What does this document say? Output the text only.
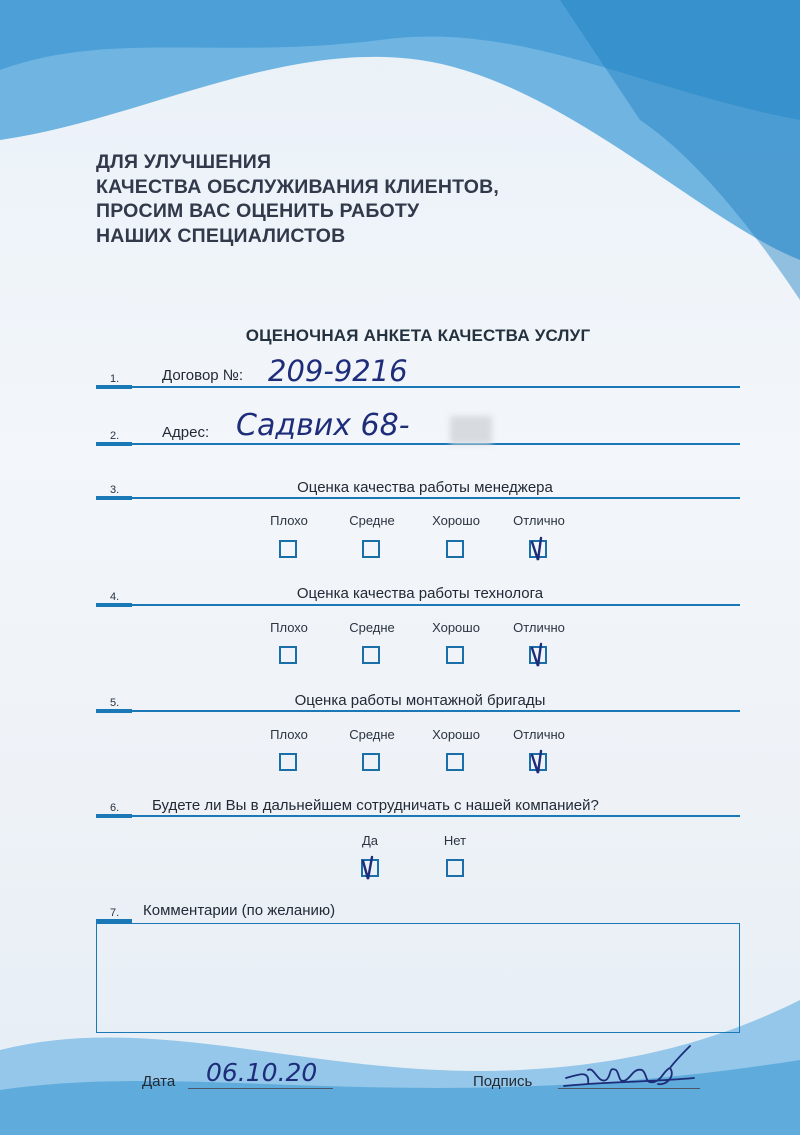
ДЛЯ УЛУЧШЕНИЯ
КАЧЕСТВА ОБСЛУЖИВАНИЯ КЛИЕНТОВ,
ПРОСИМ ВАС ОЦЕНИТЬ РАБОТУ
НАШИХ СПЕЦИАЛИСТОВ
ОЦЕНОЧНАЯ АНКЕТА КАЧЕСТВА УСЛУГ
1.	Договор №: 209-9216
2.	Адрес: Садвих 68-
3.	Оценка качества работы менеджера
Плохо	Средне	Хорошо	Отлично
4.	Оценка качества работы технолога
Плохо	Средне	Хорошо	Отлично
5.	Оценка работы монтажной бригады
Плохо	Средне	Хорошо	Отлично
6. Будете ли Вы в дальнейшем сотрудничать с нашей компанией?
Да	Нет
7. Комментарии (по желанию)
Дата 06.10.20	Подпись
